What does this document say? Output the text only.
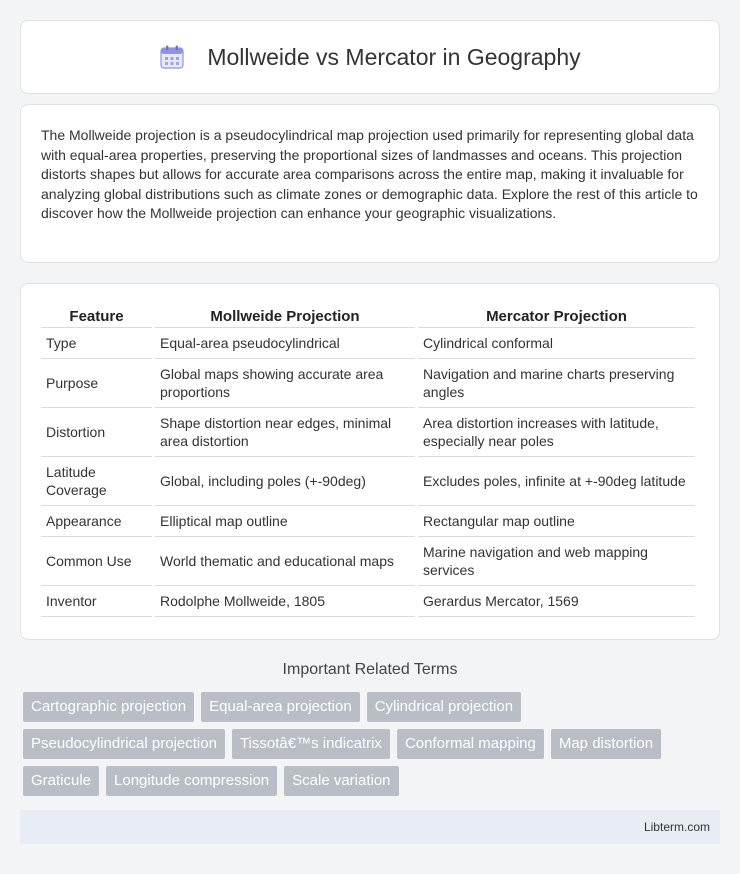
Mollweide vs Mercator in Geography

The Mollweide projection is a pseudocylindrical map projection used primarily for representing global data with equal-area properties, preserving the proportional sizes of landmasses and oceans. This projection distorts shapes but allows for accurate area comparisons across the entire map, making it invaluable for analyzing global distributions such as climate zones or demographic data. Explore the rest of this article to discover how the Mollweide projection can enhance your geographic visualizations.

Feature	Mollweide Projection	Mercator Projection
Type	Equal-area pseudocylindrical	Cylindrical conformal
Purpose	Global maps showing accurate area proportions	Navigation and marine charts preserving angles
Distortion	Shape distortion near edges, minimal area distortion	Area distortion increases with latitude, especially near poles
Latitude Coverage	Global, including poles (+-90deg)	Excludes poles, infinite at +-90deg latitude
Appearance	Elliptical map outline	Rectangular map outline
Common Use	World thematic and educational maps	Marine navigation and web mapping services
Inventor	Rodolphe Mollweide, 1805	Gerardus Mercator, 1569
Important Related Terms
Cartographic projection	Equal-area projection	Cylindrical projection
Pseudocylindrical projection	Tissotâ€™s indicatrix	Conformal mapping	Map distortion
Graticule	Longitude compression	Scale variation
Libterm.com
